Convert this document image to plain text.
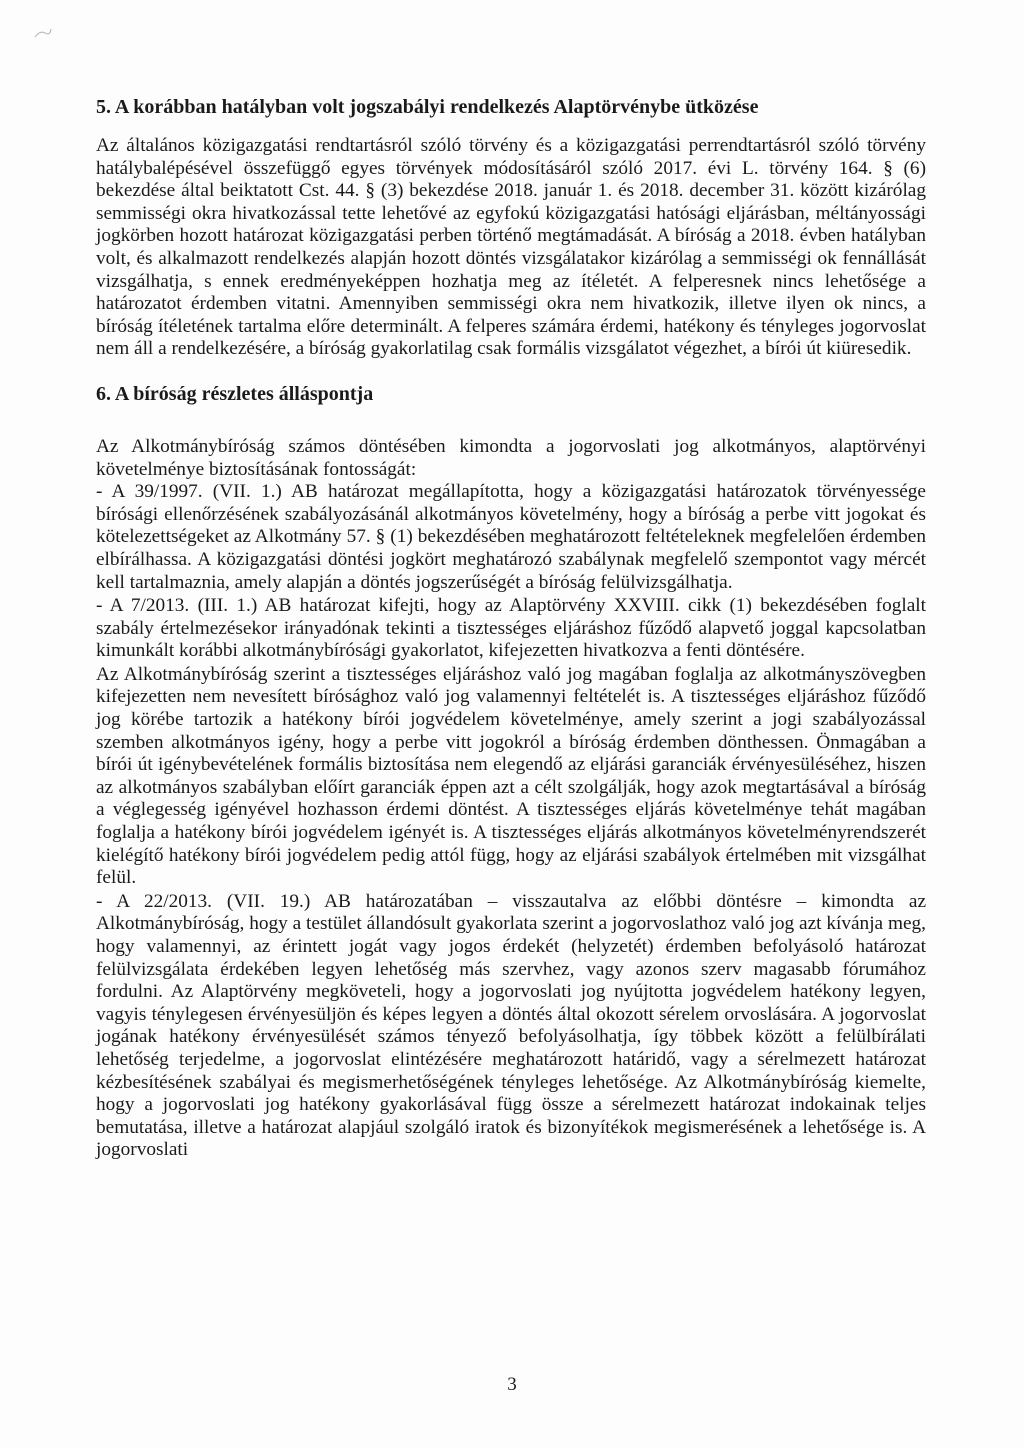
5. A korábban hatályban volt jogszabályi rendelkezés Alaptörvénybe ütközése

Az általános közigazgatási rendtartásról szóló törvény és a közigazgatási perrendtartásról szóló törvény hatálybalépésével összefüggő egyes törvények módosításáról szóló 2017. évi L. törvény 164. § (6) bekezdése által beiktatott Cst. 44. § (3) bekezdése 2018. január 1. és 2018. december 31. között kizárólag semmisségi okra hivatkozással tette lehetővé az egyfokú közigazgatási hatósági eljárásban, méltányossági jogkörben hozott határozat közigazgatási perben történő megtámadását. A bíróság a 2018. évben hatályban volt, és alkalmazott rendelkezés alapján hozott döntés vizsgálatakor kizárólag a semmisségi ok fennállását vizsgálhatja, s ennek eredményeképpen hozhatja meg az ítéletét. A felperesnek nincs lehetősége a határozatot érdemben vitatni. Amennyiben semmisségi okra nem hivatkozik, illetve ilyen ok nincs, a bíróság ítéletének tartalma előre determinált. A felperes számára érdemi, hatékony és tényleges jogorvoslat nem áll a rendelkezésére, a bíróság gyakorlatilag csak formális vizsgálatot végezhet, a bírói út kiüresedik.

6. A bíróság részletes álláspontja

Az Alkotmánybíróság számos döntésében kimondta a jogorvoslati jog alkotmányos, alaptörvényi követelménye biztosításának fontosságát:

- A 39/1997. (VII. 1.) AB határozat megállapította, hogy a közigazgatási határozatok törvényessége bírósági ellenőrzésének szabályozásánál alkotmányos követelmény, hogy a bíróság a perbe vitt jogokat és kötelezettségeket az Alkotmány 57. § (1) bekezdésében meghatározott feltételeknek megfelelően érdemben elbírálhassa. A közigazgatási döntési jogkört meghatározó szabálynak megfelelő szempontot vagy mércét kell tartalmaznia, amely alapján a döntés jogszerűségét a bíróság felülvizsgálhatja.

- A 7/2013. (III. 1.) AB határozat kifejti, hogy az Alaptörvény XXVIII. cikk (1) bekezdésében foglalt szabály értelmezésekor irányadónak tekinti a tisztességes eljáráshoz fűződő alapvető joggal kapcsolatban kimunkált korábbi alkotmánybírósági gyakorlatot, kifejezetten hivatkozva a fenti döntésére.

Az Alkotmánybíróság szerint a tisztességes eljáráshoz való jog magában foglalja az alkotmányszövegben kifejezetten nem nevesített bírósághoz való jog valamennyi feltételét is. A tisztességes eljáráshoz fűződő jog körébe tartozik a hatékony bírói jogvédelem követelménye, amely szerint a jogi szabályozással szemben alkotmányos igény, hogy a perbe vitt jogokról a bíróság érdemben dönthessen. Önmagában a bírói út igénybevételének formális biztosítása nem elegendő az eljárási garanciák érvényesüléséhez, hiszen az alkotmányos szabályban előírt garanciák éppen azt a célt szolgálják, hogy azok megtartásával a bíróság a véglegesség igényével hozhasson érdemi döntést. A tisztességes eljárás követelménye tehát magában foglalja a hatékony bírói jogvédelem igényét is. A tisztességes eljárás alkotmányos követelményrendszerét kielégítő hatékony bírói jogvédelem pedig attól függ, hogy az eljárási szabályok értelmében mit vizsgálhat felül.

- A 22/2013. (VII. 19.) AB határozatában – visszautalva az előbbi döntésre – kimondta az Alkotmánybíróság, hogy a testület állandósult gyakorlata szerint a jogorvoslathoz való jog azt kívánja meg, hogy valamennyi, az érintett jogát vagy jogos érdekét (helyzetét) érdemben befolyásoló határozat felülvizsgálata érdekében legyen lehetőség más szervhez, vagy azonos szerv magasabb fórumához fordulni. Az Alaptörvény megköveteli, hogy a jogorvoslati jog nyújtotta jogvédelem hatékony legyen, vagyis ténylegesen érvényesüljön és képes legyen a döntés által okozott sérelem orvoslására. A jogorvoslat jogának hatékony érvényesülését számos tényező befolyásolhatja, így többek között a felülbírálati lehetőség terjedelme, a jogorvoslat elintézésére meghatározott határidő, vagy a sérelmezett határozat kézbesítésének szabályai és megismerhetőségének tényleges lehetősége. Az Alkotmánybíróság kiemelte, hogy a jogorvoslati jog hatékony gyakorlásával függ össze a sérelmezett határozat indokainak teljes bemutatása, illetve a határozat alapjául szolgáló iratok és bizonyítékok megismerésének a lehetősége is. A jogorvoslati

3
